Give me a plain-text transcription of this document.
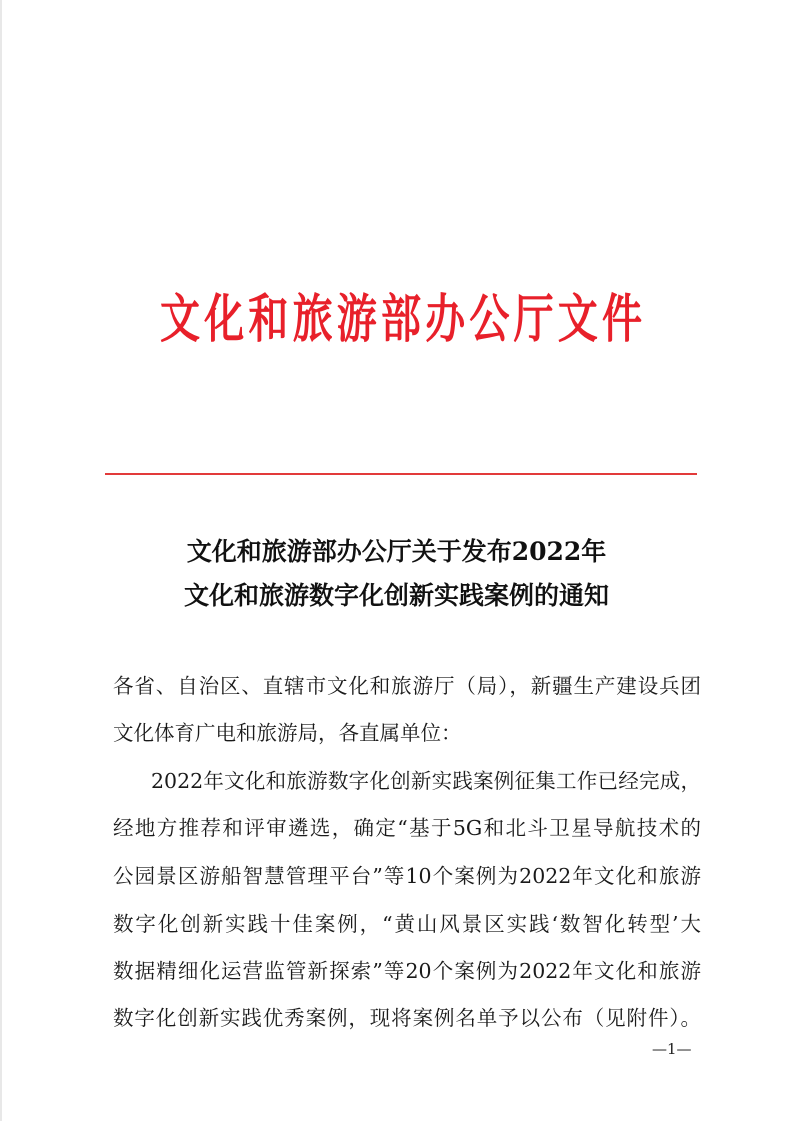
文化和旅游部办公厅文件
文化和旅游部办公厅关于发布2022年
文化和旅游数字化创新实践案例的通知
各省、自治区、直辖市文化和旅游厅（局），新疆生产建设兵团
文化体育广电和旅游局，各直属单位：
2022年文化和旅游数字化创新实践案例征集工作已经完成，
经地方推荐和评审遴选，确定“基于5G和北斗卫星导航技术的
公园景区游船智慧管理平台”等10个案例为2022年文化和旅游
数字化创新实践十佳案例，“黄山风景区实践‘数智化转型’大
数据精细化运营监管新探索”等20个案例为2022年文化和旅游
数字化创新实践优秀案例，现将案例名单予以公布（见附件）。
—1—
